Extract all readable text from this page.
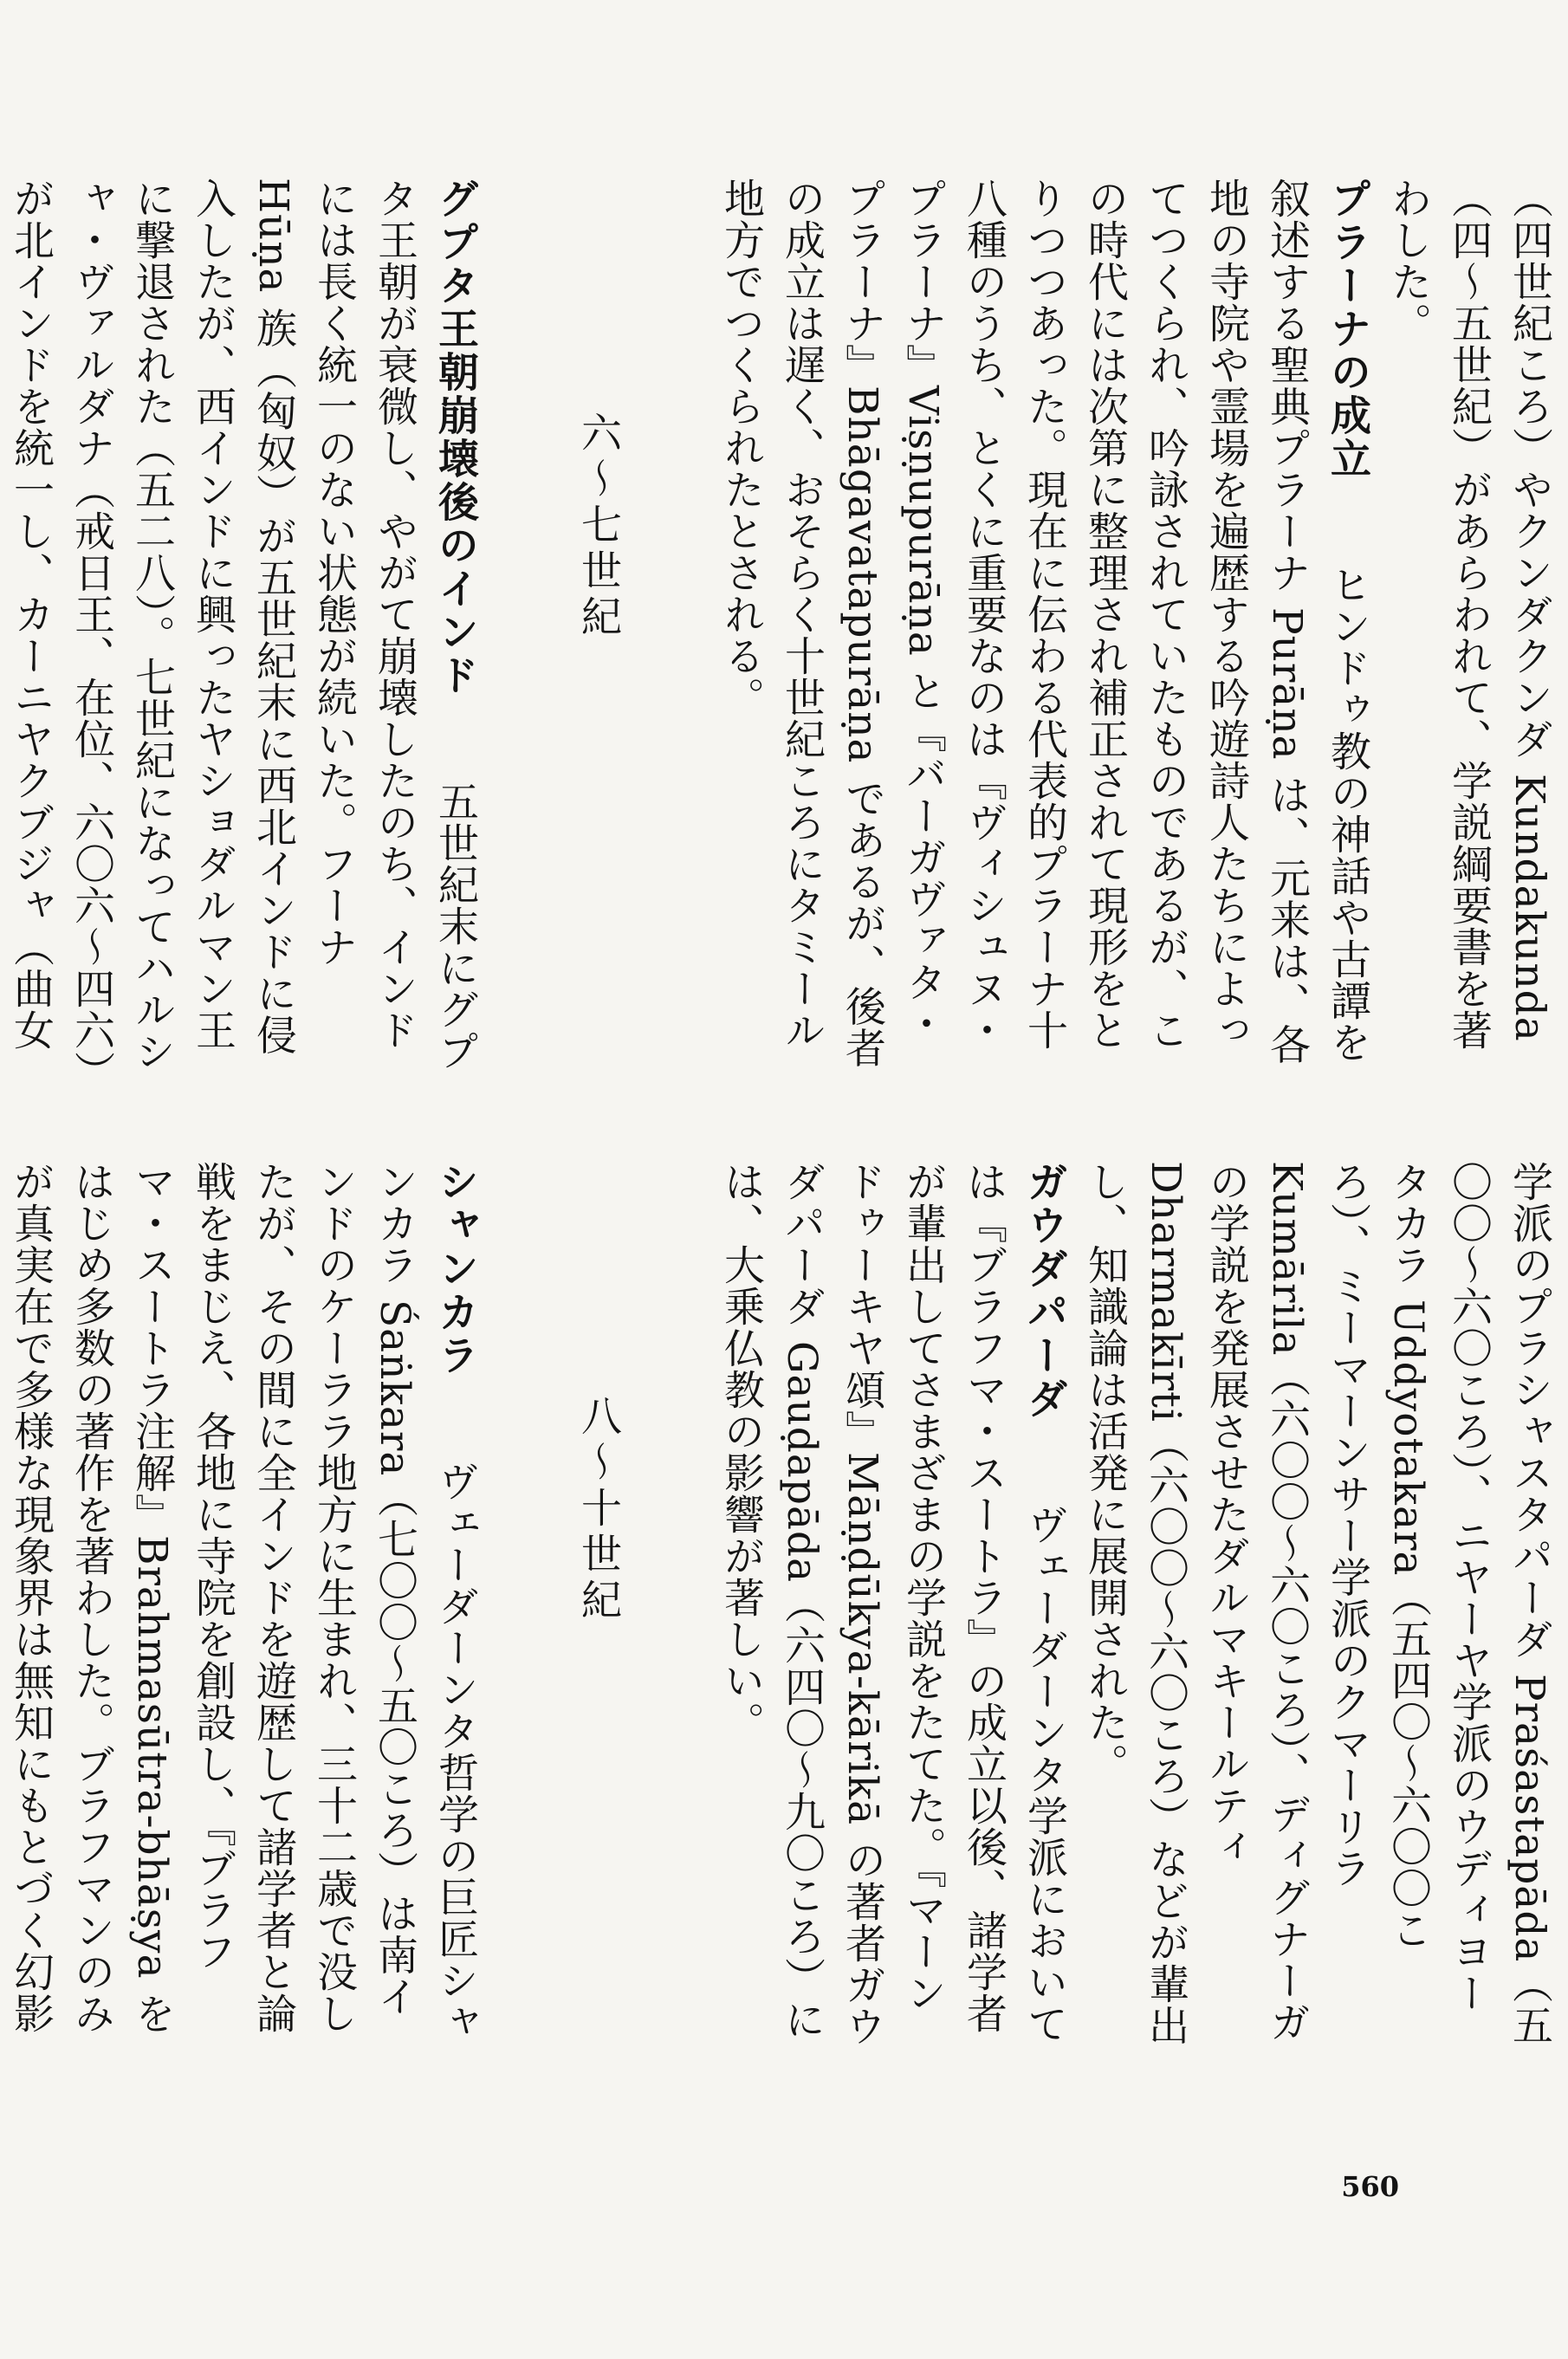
（四世紀ころ）やクンダクンダ Kundakunda（四〜五世紀）があらわれて、学説綱要書を著わした。

プラーナの成立　　ヒンドゥ教の神話や古譚を叙述する聖典プラーナ Purāṇa は、元来は、各地の寺院や霊場を遍歴する吟遊詩人たちによってつくられ、吟詠されていたものであるが、この時代には次第に整理され補正されて現形をとりつつあった。現在に伝わる代表的プラーナ十八種のうち、とくに重要なのは『ヴィシュヌ・プラーナ』Viṣṇupurāṇa と『バーガヴァタ・プラーナ』Bhāgavatapurāṇa であるが、後者の成立は遅く、おそらく十世紀ころにタミール地方でつくられたとされる。

六〜七世紀

グプタ王朝崩壊後のインド　　五世紀末にグプタ王朝が衰微し、やがて崩壊したのち、インドには長く統一のない状態が続いた。フーナ Hūṇa 族（匈奴）が五世紀末に西北インドに侵入したが、西インドに興ったヤショダルマン王に撃退された（五二八）。七世紀になってハルシャ・ヴァルダナ（戒日王、在位、六〇六〜四六）が北インドを統一し、カーニヤクブジャ（曲女

学派のプラシャスタパーダ Praśastapāda（五〇〇〜六〇ころ）、ニヤーヤ学派のウディヨータカラ Uddyotakara（五四〇〜六〇〇ころ）、ミーマーンサー学派のクマーリラ Kumārila（六〇〇〜六〇ころ）、ディグナーガの学説を発展させたダルマキールティ Dharmakīrti（六〇〇〜六〇ころ）などが輩出し、知識論は活発に展開された。

ガウダパーダ　　ヴェーダーンタ学派においては『ブラフマ・スートラ』の成立以後、諸学者が輩出してさまざまの学説をたてた。『マーンドゥーキヤ頌』Māṇḍūkya-kārikā の著者ガウダパーダ Gauḍapāda（六四〇〜九〇ころ）には、大乗仏教の影響が著しい。

八〜十世紀

シャンカラ　　ヴェーダーンタ哲学の巨匠シャンカラ Śaṅkara（七〇〇〜五〇ころ）は南インドのケーララ地方に生まれ、三十二歳で没したが、その間に全インドを遊歴して諸学者と論戦をまじえ、各地に寺院を創設し、『ブラフマ・スートラ注解』Brahmasūtra-bhāṣya をはじめ多数の著作を著わした。ブラフマンのみが真実在で多様な現象界は無知にもとづく幻影

560
